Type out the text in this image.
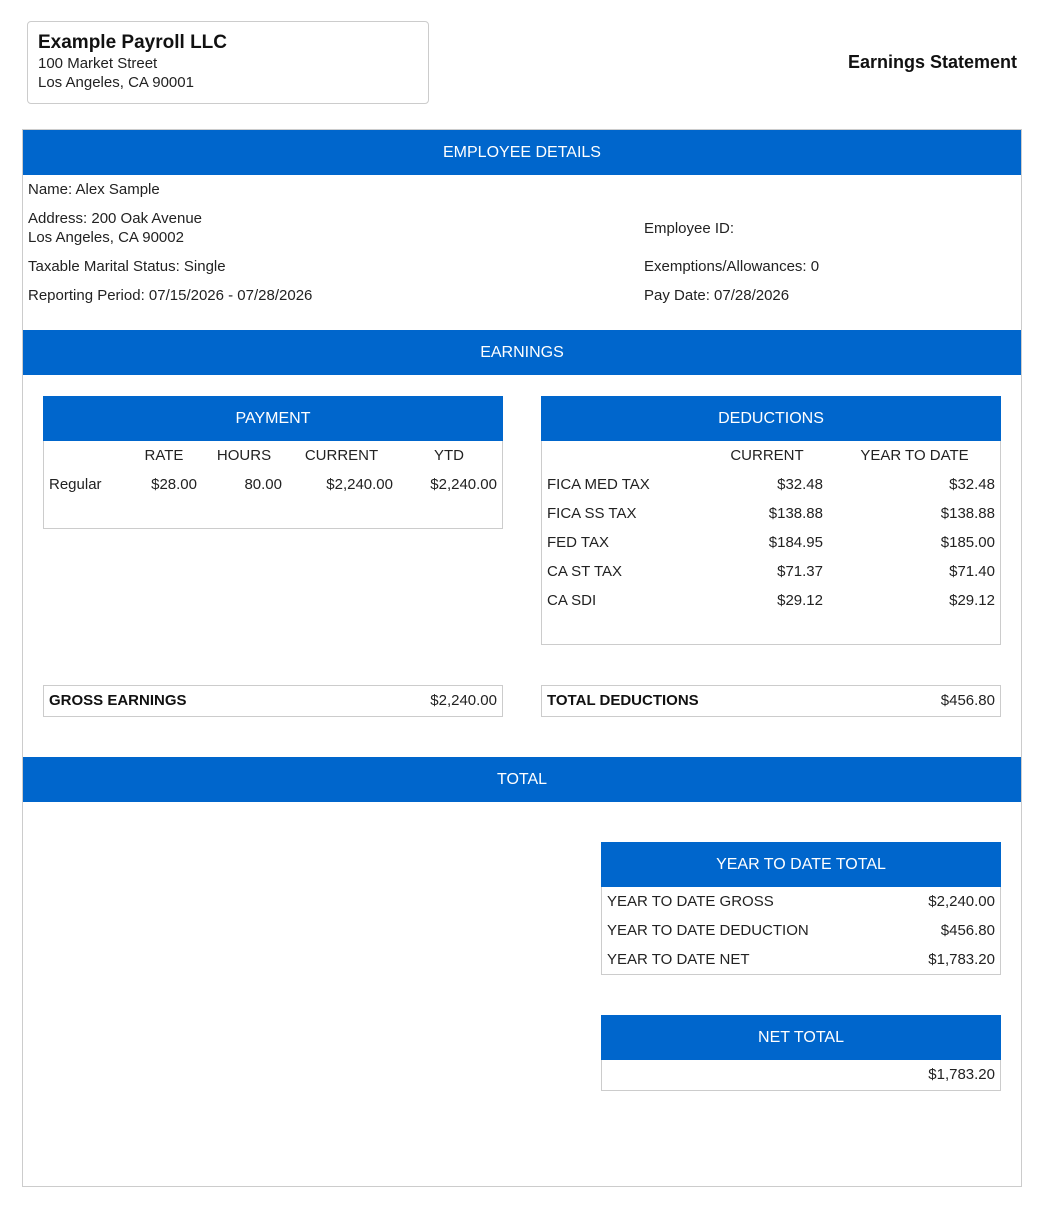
Example Payroll LLC
100 Market Street
Los Angeles, CA 90001
Earnings Statement
EMPLOYEE DETAILS
Name: Alex Sample
Address: 200 Oak Avenue
Los Angeles, CA 90002
Taxable Marital Status: Single
Reporting Period: 07/15/2026 - 07/28/2026
Employee ID:
Exemptions/Allowances: 0
Pay Date: 07/28/2026
EARNINGS
PAYMENT
RATE	HOURS	CURRENT	YTD
Regular	$28.00	80.00	$2,240.00	$2,240.00
DEDUCTIONS
CURRENT	YEAR TO DATE
FICA MED TAX	$32.48	$32.48
FICA SS TAX	$138.88	$138.88
FED TAX	$184.95	$185.00
CA ST TAX	$71.37	$71.40
CA SDI	$29.12	$29.12
GROSS EARNINGS	$2,240.00	TOTAL DEDUCTIONS	$456.80
TOTAL
YEAR TO DATE TOTAL
YEAR TO DATE GROSS	$2,240.00
YEAR TO DATE DEDUCTION	$456.80
YEAR TO DATE NET	$1,783.20
NET TOTAL
$1,783.20
